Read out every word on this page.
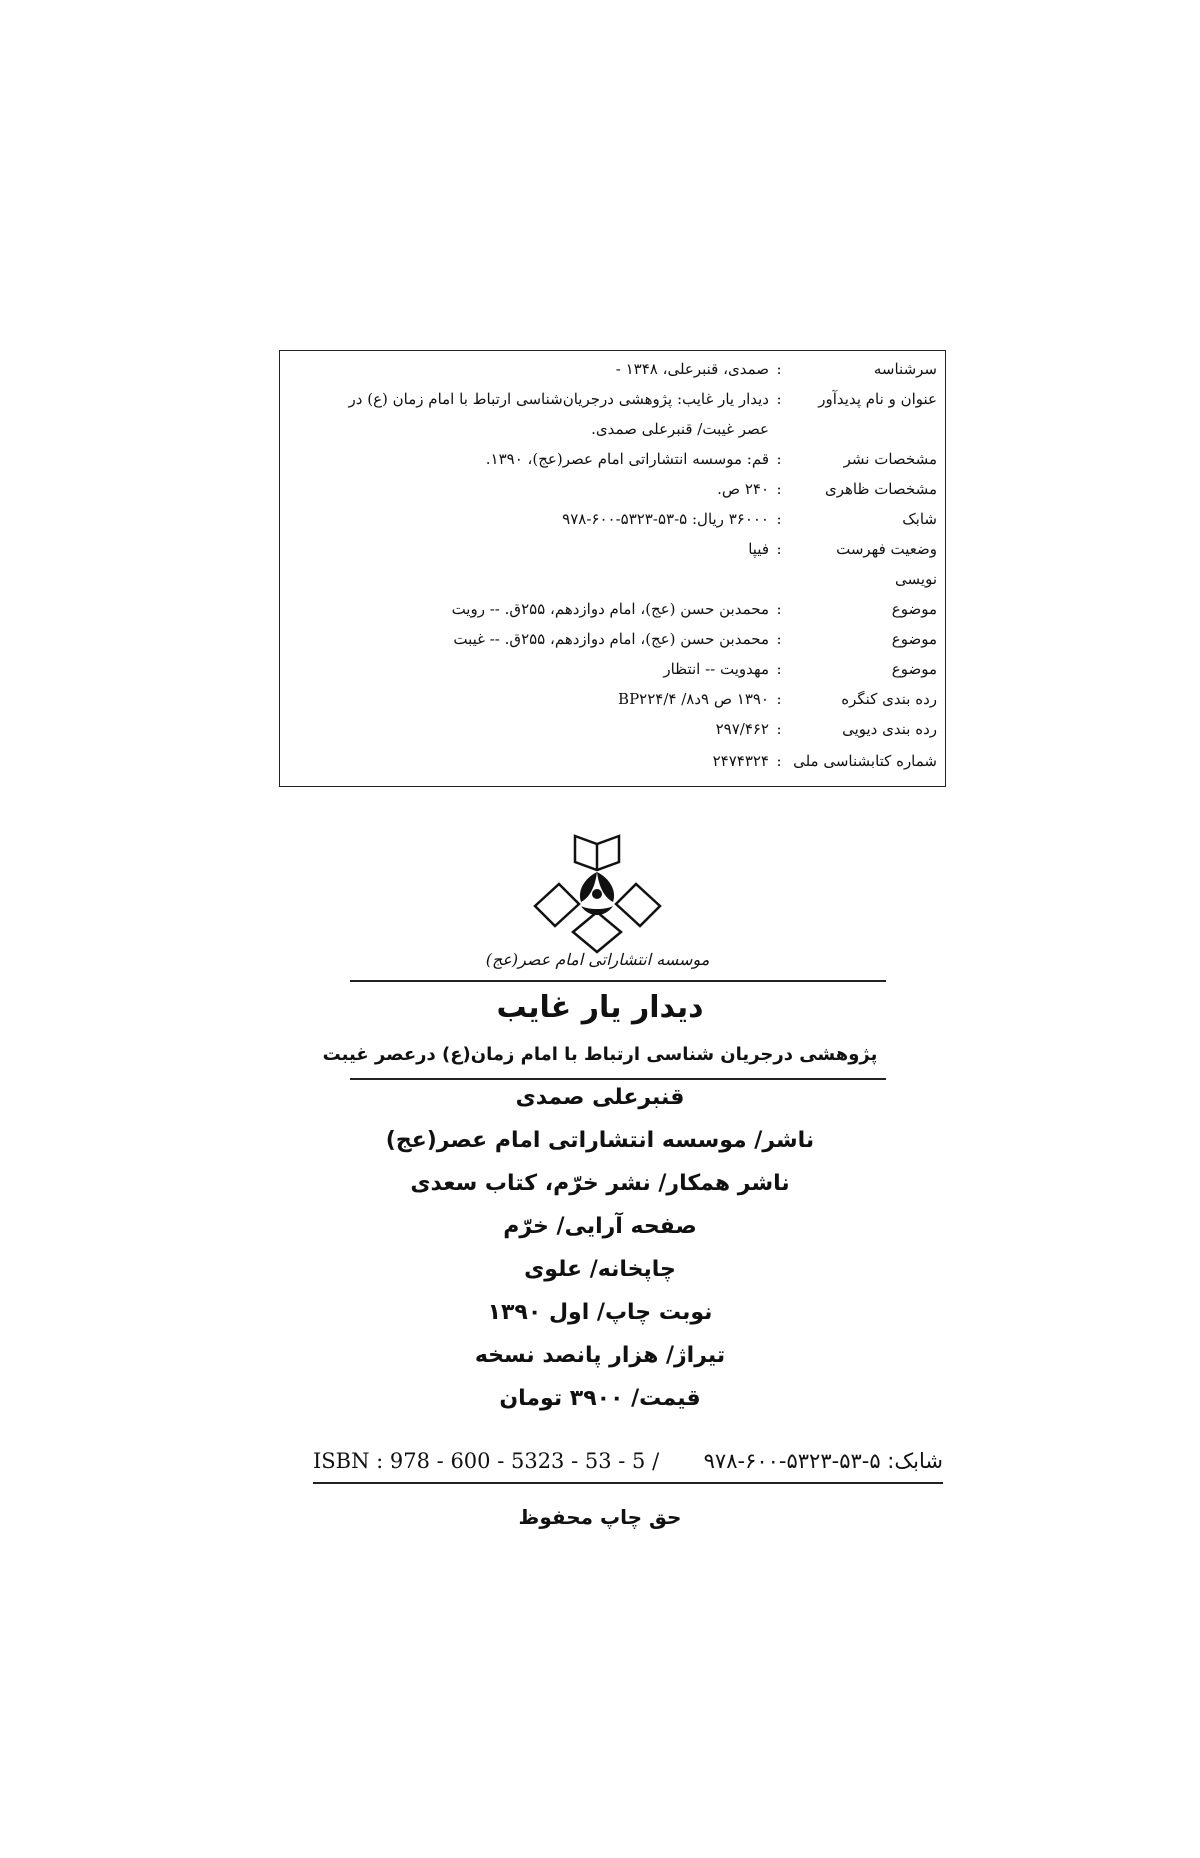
سرشناسه
:
صمدی، قنبرعلی، ۱۳۴۸ -
عنوان و نام پدیدآور
:
دیدار یار غایب: پژوهشی درجریان‌شناسی ارتباط با امام زمان (ع) در
عصر غیبت/ قنبرعلی صمدی.
مشخصات نشر
:
قم: موسسه انتشاراتی امام عصر(عج)، ۱۳۹۰.
مشخصات ظاهری
:
۲۴۰ ص.
شابک
:
۳۶۰۰۰ ریال: ۵-۵۳-۵۳۲۳-۶۰۰-۹۷۸
وضعیت فهرست
:
فیپا
نویسی
موضوع
:
محمدبن حسن (عج)، امام دوازدهم، ۲۵۵ق. -- رویت
موضوع
:
محمدبن حسن (عج)، امام دوازدهم، ۲۵۵ق. -- غیبت
موضوع
:
مهدویت -- انتظار
رده بندی کنگره
:
۱۳۹۰ ص ۹د۸/ BP۲۲۴/۴
رده بندی دیویی
:
۲۹۷/۴۶۲
شماره کتابشناسی ملی
:
۲۴۷۴۳۲۴
موسسه انتشاراتی امام عصر(عج)
دیدار یار غایب
پژوهشی درجریان شناسی ارتباط با امام زمان(ع) درعصر غیبت
قنبرعلی صمدی
ناشر/ موسسه انتشاراتی امام عصر(عج)
ناشر همکار/ نشر خرّم، کتاب سعدی
صفحه آرایی/ خرّم
چاپخانه/ علوی
نوبت چاپ/ اول ۱۳۹۰
تیراژ/ هزار پانصد نسخه
قیمت/ ۳۹۰۰ تومان
ISBN : 978 - 600 - 5323 - 53 - 5 / شابک: ۵-۵۳-۵۳۲۳-۶۰۰-۹۷۸
حق چاپ محفوظ
